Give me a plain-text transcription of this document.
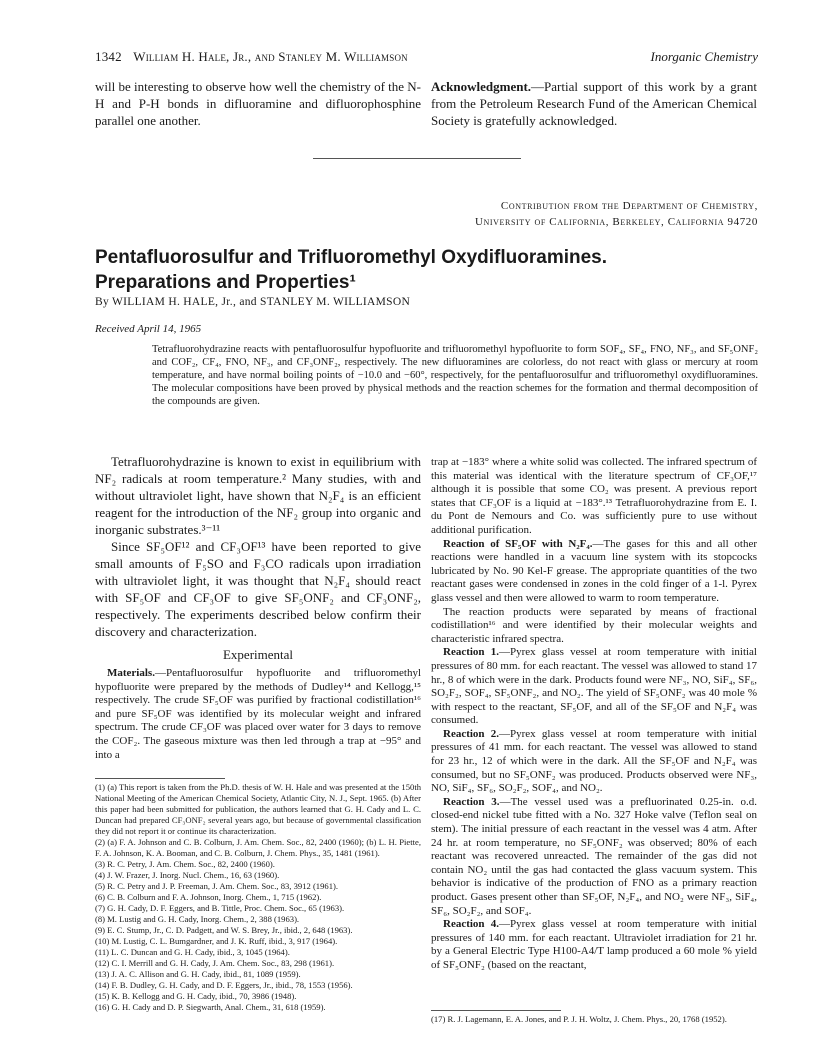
1342 William H. Hale, Jr., and Stanley M. Williamson	Inorganic Chemistry
will be interesting to observe how well the chemistry of the N-H and P-H bonds in difluoramine and difluorophosphine parallel one another.
Acknowledgment.—Partial support of this work by a grant from the Petroleum Research Fund of the American Chemical Society is gratefully acknowledged.
Contribution from the Department of Chemistry,
University of California, Berkeley, California 94720
Pentafluorosulfur and Trifluoromethyl Oxydifluoramines.
Preparations and Properties¹
By WILLIAM H. HALE, Jr., and STANLEY M. WILLIAMSON
Received April 14, 1965
Tetrafluorohydrazine reacts with pentafluorosulfur hypofluorite and trifluoromethyl hypofluorite to form SOF₄, SF₄, FNO, NF₃, and SF₅ONF₂ and COF₂, CF₄, FNO, NF₃, and CF₃ONF₂, respectively. The new difluoramines are colorless, do not react with glass or mercury at room temperature, and have normal boiling points of −10.0 and −60°, respectively, for the pentafluorosulfur and trifluoromethyl oxydifluoramines. The molecular compositions have been proved by physical methods and the reaction schemes for the formation and thermal decomposition of the compounds are given.

Tetrafluorohydrazine is known to exist in equilibrium with NF₂ radicals at room temperature.² Many studies, with and without ultraviolet light, have shown that N₂F₄ is an efficient reagent for the introduction of the NF₂ group into organic and inorganic substrates.³⁻¹¹

Since SF₅OF¹² and CF₃OF¹³ have been reported to give small amounts of F₅SO and F₃CO radicals upon irradiation with ultraviolet light, it was thought that N₂F₄ should react with SF₅OF and CF₃OF to give SF₅ONF₂ and CF₃ONF₂, respectively. The experiments described below confirm their discovery and characterization.

Experimental

Materials.—Pentafluorosulfur hypofluorite and trifluoromethyl hypofluorite were prepared by the methods of Dudley¹⁴ and Kellogg,¹⁵ respectively. The crude SF₅OF was purified by fractional codistillation¹⁶ and pure SF₅OF was identified by its molecular weight and infrared spectrum. The crude CF₃OF was placed over water for 3 days to remove the COF₂. The gaseous mixture was then led through a trap at −95° and into a

(1) (a) This report is taken from the Ph.D. thesis of W. H. Hale and was presented at the 150th National Meeting of the American Chemical Society, Atlantic City, N. J., Sept. 1965. (b) After this paper had been submitted for publication, the authors learned that G. H. Cady and L. C. Duncan had prepared CF₃ONF₂ several years ago, but because of governmental classification they did not report it or continue its characterization.
(2) (a) F. A. Johnson and C. B. Colburn, J. Am. Chem. Soc., 82, 2400 (1960); (b) L. H. Piette, F. A. Johnson, K. A. Booman, and C. B. Colburn, J. Chem. Phys., 35, 1481 (1961).
(3) R. C. Petry, J. Am. Chem. Soc., 82, 2400 (1960).
(4) J. W. Frazer, J. Inorg. Nucl. Chem., 16, 63 (1960).
(5) R. C. Petry and J. P. Freeman, J. Am. Chem. Soc., 83, 3912 (1961).
(6) C. B. Colburn and F. A. Johnson, Inorg. Chem., 1, 715 (1962).
(7) G. H. Cady, D. F. Eggers, and B. Tittle, Proc. Chem. Soc., 65 (1963).
(8) M. Lustig and G. H. Cady, Inorg. Chem., 2, 388 (1963).
(9) E. C. Stump, Jr., C. D. Padgett, and W. S. Brey, Jr., ibid., 2, 648 (1963).
(10) M. Lustig, C. L. Bumgardner, and J. K. Ruff, ibid., 3, 917 (1964).
(11) L. C. Duncan and G. H. Cady, ibid., 3, 1045 (1964).
(12) C. I. Merrill and G. H. Cady, J. Am. Chem. Soc., 83, 298 (1961).
(13) J. A. C. Allison and G. H. Cady, ibid., 81, 1089 (1959).
(14) F. B. Dudley, G. H. Cady, and D. F. Eggers, Jr., ibid., 78, 1553 (1956).
(15) K. B. Kellogg and G. H. Cady, ibid., 70, 3986 (1948).
(16) G. H. Cady and D. P. Siegwarth, Anal. Chem., 31, 618 (1959).

trap at −183° where a white solid was collected. The infrared spectrum of this material was identical with the literature spectrum of CF₃OF,¹⁷ although it is possible that some CO₂ was present. A previous report states that CF₃OF is a liquid at −183°.¹³ Tetrafluorohydrazine from E. I. du Pont de Nemours and Co. was sufficiently pure to use without additional purification.

Reaction of SF₅OF with N₂F₄.—The gases for this and all other reactions were handled in a vacuum line system with its stopcocks lubricated by No. 90 Kel-F grease. The appropriate quantities of the two reactant gases were condensed in zones in the cold finger of a 1-l. Pyrex glass vessel and then were allowed to warm to room temperature.

The reaction products were separated by means of fractional codistillation¹⁶ and were identified by their molecular weights and characteristic infrared spectra.

Reaction 1.—Pyrex glass vessel at room temperature with initial pressures of 80 mm. for each reactant. The vessel was allowed to stand 17 hr., 8 of which were in the dark. Products found were NF₃, NO, SiF₄, SF₆, SO₂F₂, SOF₄, SF₅ONF₂, and NO₂. The yield of SF₅ONF₂ was 40 mole % with respect to the reactant, SF₅OF, and all of the SF₅OF and N₂F₄ was consumed.

Reaction 2.—Pyrex glass vessel at room temperature with initial pressures of 41 mm. for each reactant. The vessel was allowed to stand for 23 hr., 12 of which were in the dark. All the SF₅OF and N₂F₄ was consumed, but no SF₅ONF₂ was produced. Products observed were NF₃, NO, SiF₄, SF₆, SO₂F₂, SOF₄, and NO₂.

Reaction 3.—The vessel used was a prefluorinated 0.25-in. o.d. closed-end nickel tube fitted with a No. 327 Hoke valve (Teflon seal on stem). The initial pressure of each reactant in the vessel was 4 atm. After 24 hr. at room temperature, no SF₅ONF₂ was observed; 80% of each reactant was recovered unreacted. The remainder of the gas did not contain NO₂ until the gas had contacted the glass vacuum system. This behavior is indicative of the production of FNO as a primary reaction product. Gases present other than SF₅OF, N₂F₄, and NO₂ were NF₃, SiF₄, SF₆, SO₂F₂, and SOF₄.

Reaction 4.—Pyrex glass vessel at room temperature with initial pressures of 140 mm. for each reactant. Ultraviolet irradiation for 21 hr. by a General Electric Type H100-A4/T lamp produced a 60 mole % yield of SF₅ONF₂ (based on the reactant,

(17) R. J. Lagemann, E. A. Jones, and P. J. H. Woltz, J. Chem. Phys., 20, 1768 (1952).
